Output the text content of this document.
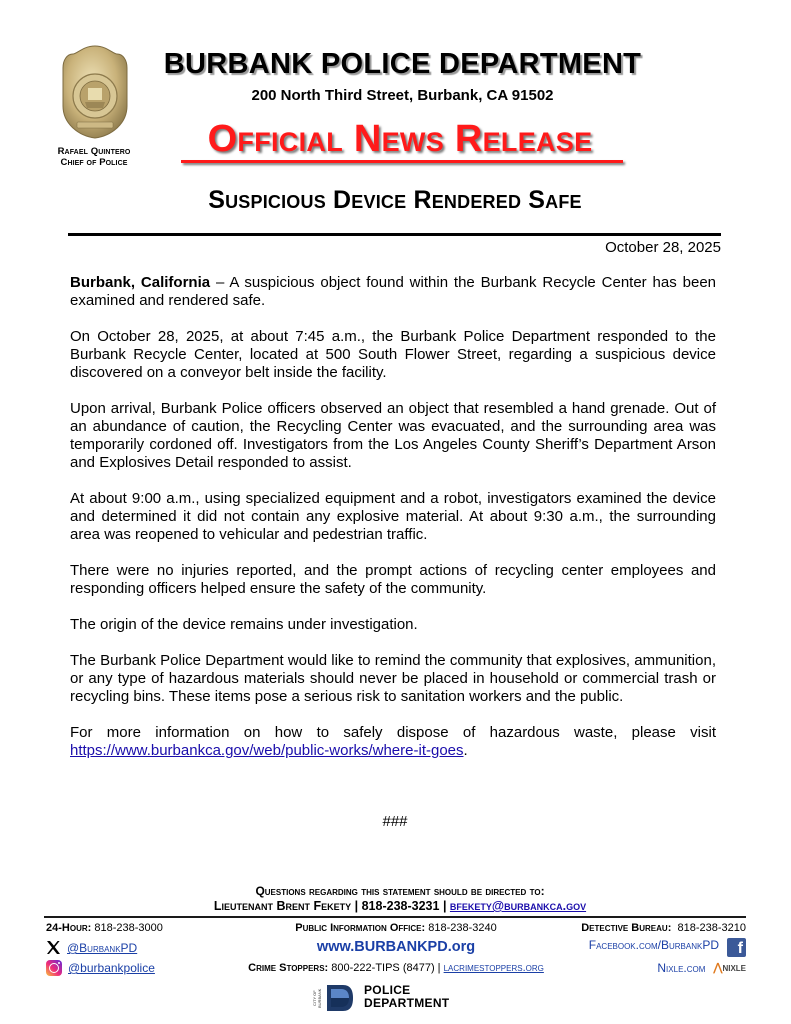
Rafael Quintero
Chief of Police
BURBANK POLICE DEPARTMENT
200 North Third Street, Burbank, CA 91502
Official News Release
Suspicious Device Rendered Safe
October 28, 2025

Burbank, California – A suspicious object found within the Burbank Recycle Center has been examined and rendered safe.

On October 28, 2025, at about 7:45 a.m., the Burbank Police Department responded to the Burbank Recycle Center, located at 500 South Flower Street, regarding a suspicious device discovered on a conveyor belt inside the facility.

Upon arrival, Burbank Police officers observed an object that resembled a hand grenade. Out of an abundance of caution, the Recycling Center was evacuated, and the surrounding area was temporarily cordoned off. Investigators from the Los Angeles County Sheriff’s Department Arson and Explosives Detail responded to assist.

At about 9:00 a.m., using specialized equipment and a robot, investigators examined the device and determined it did not contain any explosive material. At about 9:30 a.m., the surrounding area was reopened to vehicular and pedestrian traffic.

There were no injuries reported, and the prompt actions of recycling center employees and responding officers helped ensure the safety of the community.

The origin of the device remains under investigation.

The Burbank Police Department would like to remind the community that explosives, ammunition, or any type of hazardous materials should never be placed in household or commercial trash or recycling bins. These items pose a serious risk to sanitation workers and the public.

For more information on how to safely dispose of hazardous waste, please visit https://www.burbankca.gov/web/public-works/where-it-goes.

###
Questions regarding this statement should be directed to:
Lieutenant Brent Fekety | 818-238-3231 | bfekety@burbankca.gov
24-Hour: 818-238-3000	Public Information Office: 818-238-3240	Detective Bureau: 818-238-3210
@BurbankPD	www.BURBANKPD.org	Facebook.com/BurbankPD f
@burbankpolice	Crime Stoppers: 800-222-TIPS (8477) | lacrimestoppers.org	Nixle.com ⋀NIXLE
CITY OF BURBANK	POLICE
DEPARTMENT
